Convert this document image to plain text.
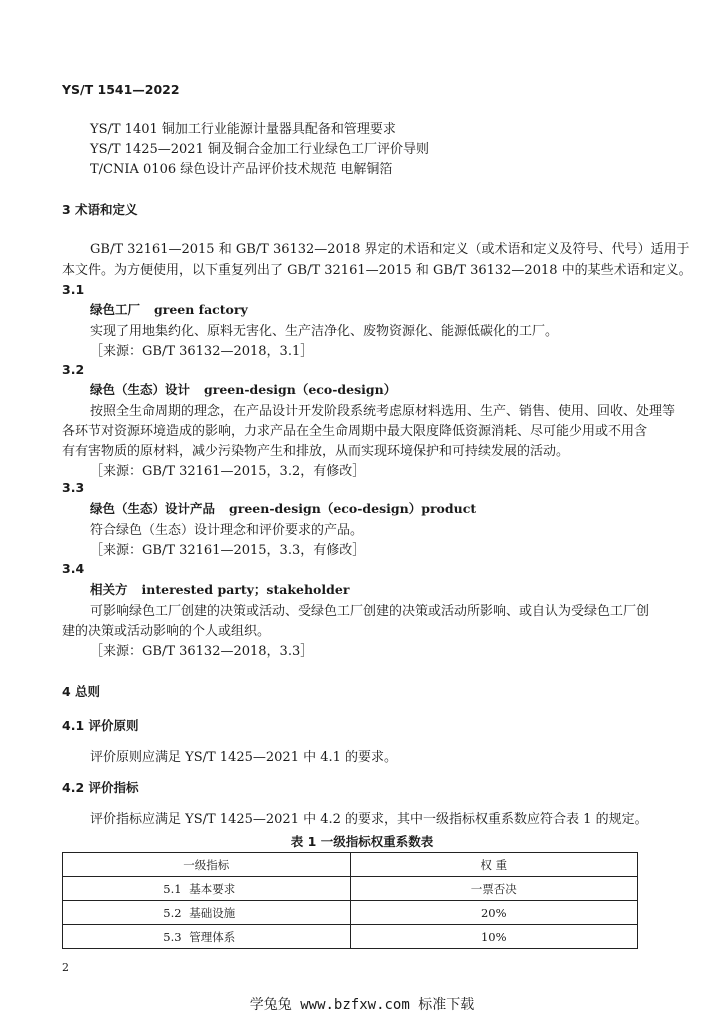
YS/T 1541—2022
YS/T 1401 铜加工行业能源计量器具配备和管理要求
YS/T 1425—2021 铜及铜合金加工行业绿色工厂评价导则
T/CNIA 0106 绿色设计产品评价技术规范 电解铜箔
3 术语和定义
GB/T 32161—2015 和 GB/T 36132—2018 界定的术语和定义（或术语和定义及符号、代号）适用于
本文件。为方便使用，以下重复列出了 GB/T 32161—2015 和 GB/T 36132—2018 中的某些术语和定义。
3.1
绿色工厂 green factory
实现了用地集约化、原料无害化、生产洁净化、废物资源化、能源低碳化的工厂。
［来源：GB/T 36132—2018，3.1］
3.2
绿色（生态）设计 green-design（eco-design）
按照全生命周期的理念，在产品设计开发阶段系统考虑原材料选用、生产、销售、使用、回收、处理等
各环节对资源环境造成的影响，力求产品在全生命周期中最大限度降低资源消耗、尽可能少用或不用含
有有害物质的原材料，减少污染物产生和排放，从而实现环境保护和可持续发展的活动。
［来源：GB/T 32161—2015，3.2，有修改］
3.3
绿色（生态）设计产品 green-design（eco-design）product
符合绿色（生态）设计理念和评价要求的产品。
［来源：GB/T 32161—2015，3.3，有修改］
3.4
相关方 interested party；stakeholder
可影响绿色工厂创建的决策或活动、受绿色工厂创建的决策或活动所影响、或自认为受绿色工厂创
建的决策或活动影响的个人或组织。
［来源：GB/T 36132—2018，3.3］
4 总则
4.1 评价原则
评价原则应满足 YS/T 1425—2021 中 4.1 的要求。
4.2 评价指标
评价指标应满足 YS/T 1425—2021 中 4.2 的要求，其中一级指标权重系数应符合表 1 的规定。
表 1 一级指标权重系数表
一级指标	权 重
5.1 基本要求	一票否决
5.2 基础设施	20%
5.3 管理体系	10%
2
学兔兔 www.bzfxw.com 标准下载
